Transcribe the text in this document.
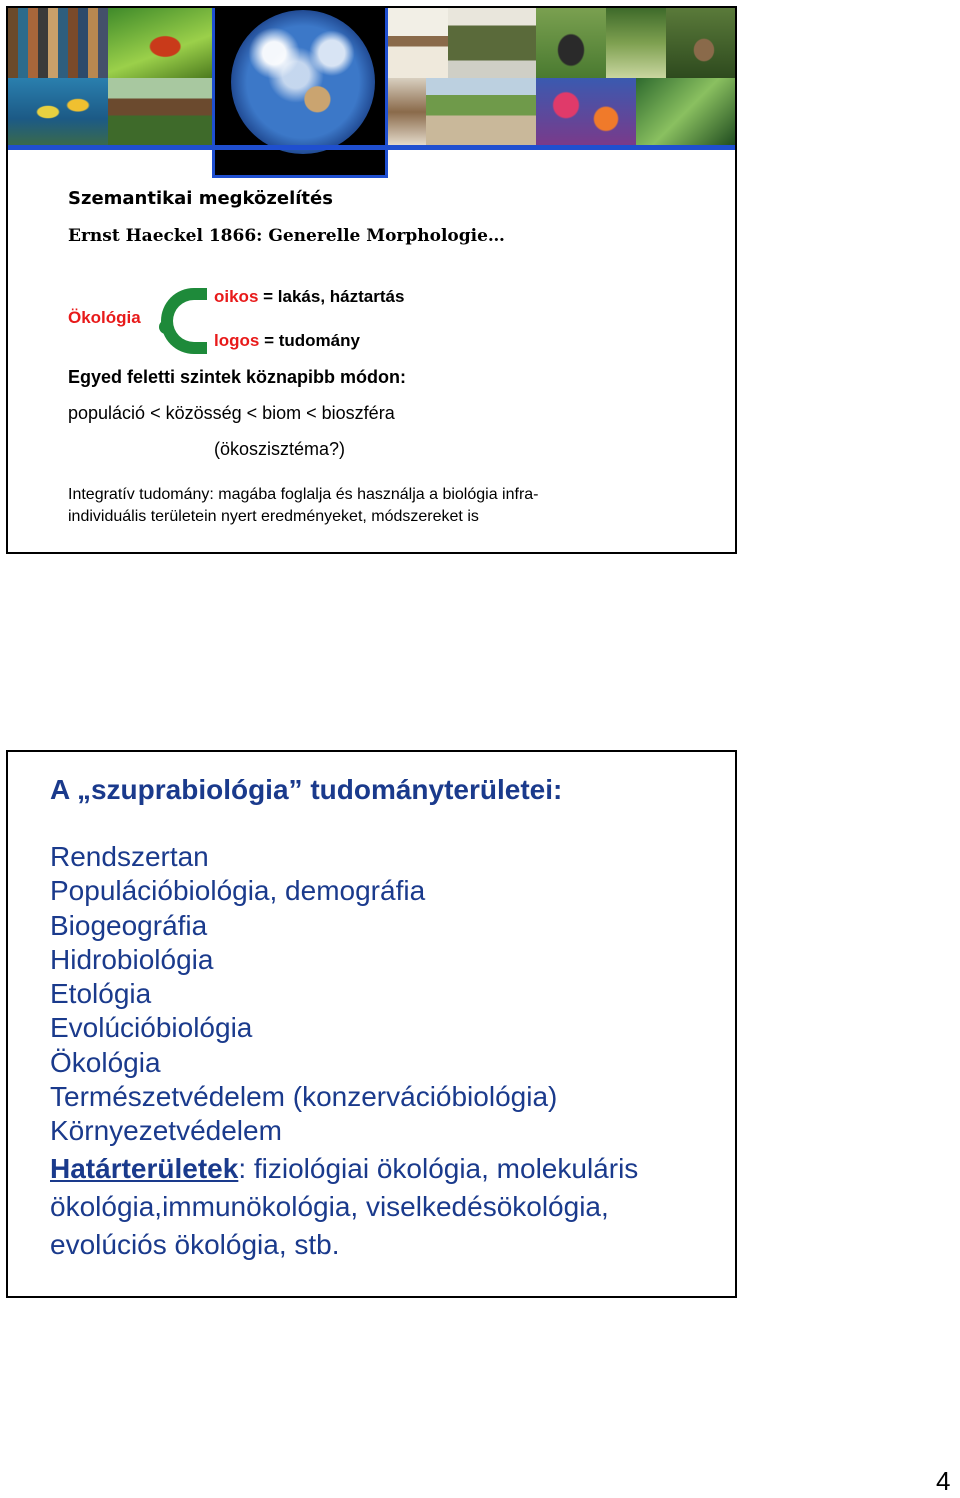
Szemantikai megközelítés
Ernst Haeckel 1866: Generelle Morphologie…
Ökológia
oikos = lakás, háztartás
logos = tudomány
Egyed feletti szintek köznapibb módon:
populáció < közösség < biom < bioszféra
(ökoszisztéma?)
Integratív tudomány: magába foglalja és használja a biológia infra-
individuális területein nyert eredményeket, módszereket is
A „szuprabiológia” tudományterületei:
Rendszertan
Populációbiológia, demográfia
Biogeográfia
Hidrobiológia
Etológia
Evolúcióbiológia
Ökológia
Természetvédelem (konzervációbiológia)
Környezetvédelem
Határterületek: fiziológiai ökológia, molekuláris ökológia,immunökológia, viselkedésökológia, evolúciós ökológia, stb.
4
